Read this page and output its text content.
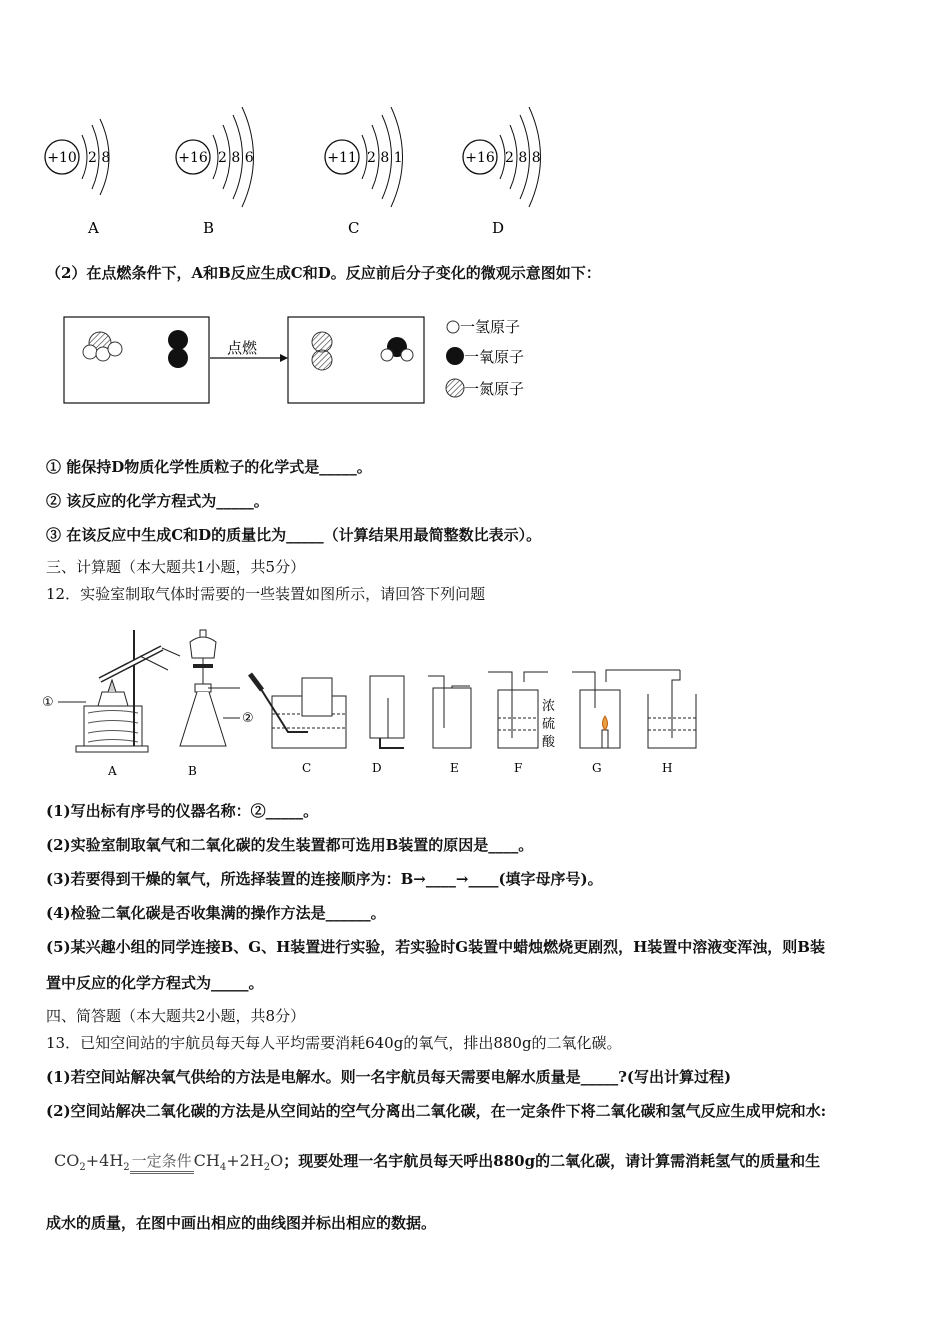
+10 2 8
A
+16 2 8 6
B
+11 2 8 1
C
+16 2 8 8
D
（2）在点燃条件下，A和B反应生成C和D。反应前后分子变化的微观示意图如下：
点燃
一氢原子
一氧原子
一氮原子
① 能保持D物质化学性质粒子的化学式是_____。
② 该反应的化学方程式为_____。
③ 在该反应中生成C和D的质量比为_____（计算结果用最简整数比表示）。
三、计算题（本大题共1小题，共5分）
12．实验室制取气体时需要的一些装置如图所示，请回答下列问题
①
②
浓
硫
酸
A	B	C	D	E	F	G	H
(1)写出标有序号的仪器名称：②_____。
(2)实验室制取氧气和二氧化碳的发生装置都可选用B装置的原因是____。
(3)若要得到干燥的氧气，所选择装置的连接顺序为：B→____→____(填字母序号)。
(4)检验二氧化碳是否收集满的操作方法是______。
(5)某兴趣小组的同学连接B、G、H装置进行实验，若实验时G装置中蜡烛燃烧更剧烈，H装置中溶液变浑浊，则B装
置中反应的化学方程式为_____。
四、简答题（本大题共2小题，共8分）
13．已知空间站的宇航员每天每人平均需要消耗640g的氧气，排出880g的二氧化碳。
(1)若空间站解决氧气供给的方法是电解水。则一名宇航员每天需要电解水质量是_____?(写出计算过程)
(2)空间站解决二氧化碳的方法是从空间站的空气分离出二氧化碳，在一定条件下将二氧化碳和氢气反应生成甲烷和水:
$CO_2+4H_2$ 一定条件 $CH_4+2H_2O$；现要处理一名宇航员每天呼出880g的二氧化碳，请计算需消耗氢气的质量和生
成水的质量，在图中画出相应的曲线图并标出相应的数据。
